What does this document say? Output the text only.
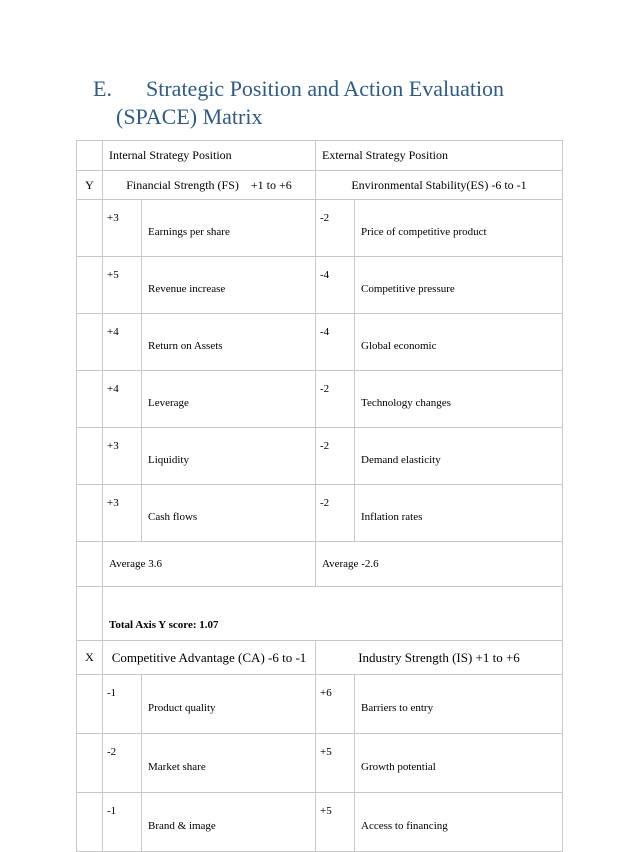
E. Strategic Position and Action Evaluation
(SPACE) Matrix
	Internal Strategy Position		External Strategy Position	
Y	Financial Strength (FS)    +1 to +6		Environmental Stability(ES) -6 to -1	
	+3	Earnings per share	-2	Price of competitive product
	+5	Revenue increase	-4	Competitive pressure
	+4	Return on Assets	-4	Global economic
	+4	Leverage	-2	Technology changes
	+3	Liquidity	-2	Demand elasticity
	+3	Cash flows	-2	Inflation rates
	Average 3.6		Average -2.6	
	Total Axis Y score: 1.07			
X	Competitive Advantage (CA) -6 to -1		Industry Strength (IS) +1 to +6	
	-1	Product quality	+6	Barriers to entry
	-2	Market share	+5	Growth potential
	-1	Brand & image	+5	Access to financing
